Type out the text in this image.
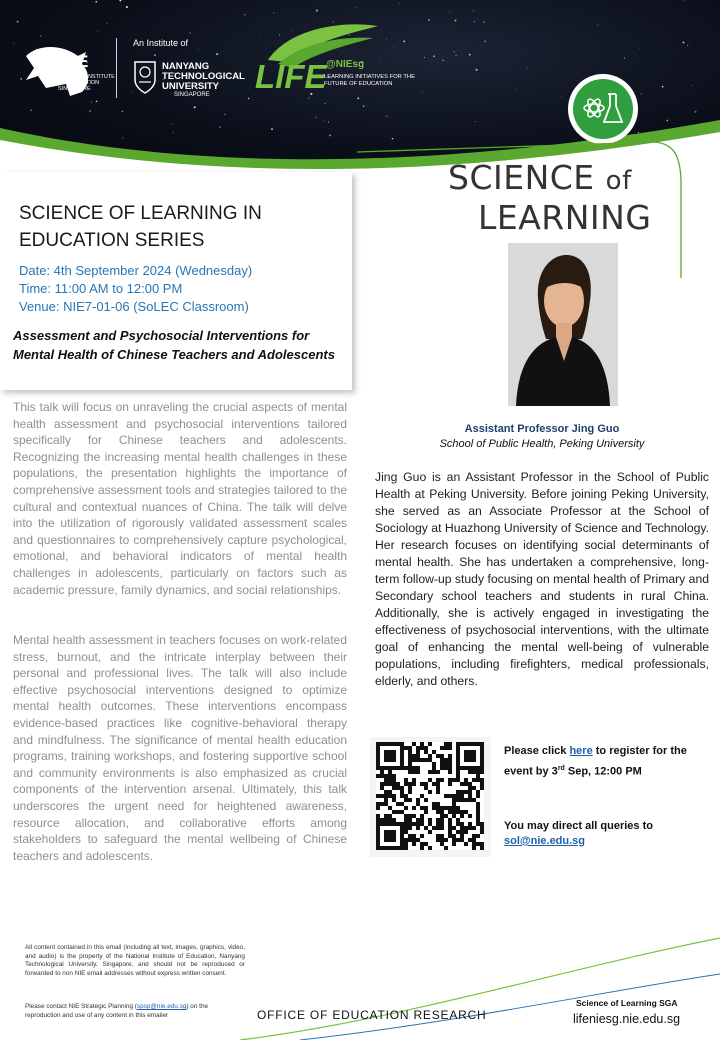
NIE
NATIONAL INSTITUTE OF EDUCATION SINGAPORE
An Institute of
NANYANG TECHNOLOGICAL UNIVERSITY
SINGAPORE LIFE @NIEsg
LEARNING INITIATIVES FOR THE FUTURE OF EDUCATION
SCIENCE OF LEARNING IN EDUCATION SERIES
Date: 4th September 2024 (Wednesday)
Time: 11:00 AM to 12:00 PM
Venue: NIE7-01-06 (SoLEC Classroom)
Assessment and Psychosocial Interventions for Mental Health of Chinese Teachers and Adolescents
This talk will focus on unraveling the crucial aspects of mental health assessment and psychosocial interventions tailored specifically for Chinese teachers and adolescents. Recognizing the increasing mental health challenges in these populations, the presentation highlights the importance of comprehensive assessment tools and strategies tailored to the cultural and contextual nuances of China. The talk will delve into the utilization of rigorously validated assessment scales and questionnaires to comprehensively capture psychological, emotional, and behavioral indicators of mental health challenges in adolescents, particularly on factors such as academic pressure, family dynamics, and social relationships.
Mental health assessment in teachers focuses on work-related stress, burnout, and the intricate interplay between their personal and professional lives. The talk will also include effective psychosocial interventions designed to optimize mental health outcomes. These interventions encompass evidence-based practices like cognitive-behavioral therapy and mindfulness. The significance of mental health education programs, training workshops, and fostering supportive school and community environments is also emphasized as crucial components of the intervention arsenal. Ultimately, this talk underscores the urgent need for heightened awareness, resource allocation, and collaborative efforts among stakeholders to safeguard the mental wellbeing of Chinese teachers and adolescents.
SCIENCE of
LEARNING
Assistant Professor Jing Guo
School of Public Health, Peking University
Jing Guo is an Assistant Professor in the School of Public Health at Peking University. Before joining Peking University, she served as an Associate Professor at the School of Sociology at Huazhong University of Science and Technology. Her research focuses on identifying social determinants of mental health. She has undertaken a comprehensive, long-term follow-up study focusing on mental health of Primary and Secondary school teachers and students in rural China. Additionally, she is actively engaged in investigating the effectiveness of psychosocial interventions, with the ultimate goal of enhancing the mental well-being of vulnerable populations, including firefighters, medical professionals, elderly, and others.
Please click here to register for the event by 3rd Sep, 12:00 PM
You may direct all queries to
sol@nie.edu.sg
All content contained in this email (including all text, images, graphics, video, and audio) is the property of the National Institute of Education, Nanyang Technological University, Singapore, and should not be reproduced or forwarded to non NIE email addresses without express written consent.
Please contact NIE Strategic Planning (spsp@nie.edu.sg) on the reproduction and use of any content in this emailer	OFFICE OF EDUCATION RESEARCH
Science of Learning SGA
lifeniesg.nie.edu.sg
